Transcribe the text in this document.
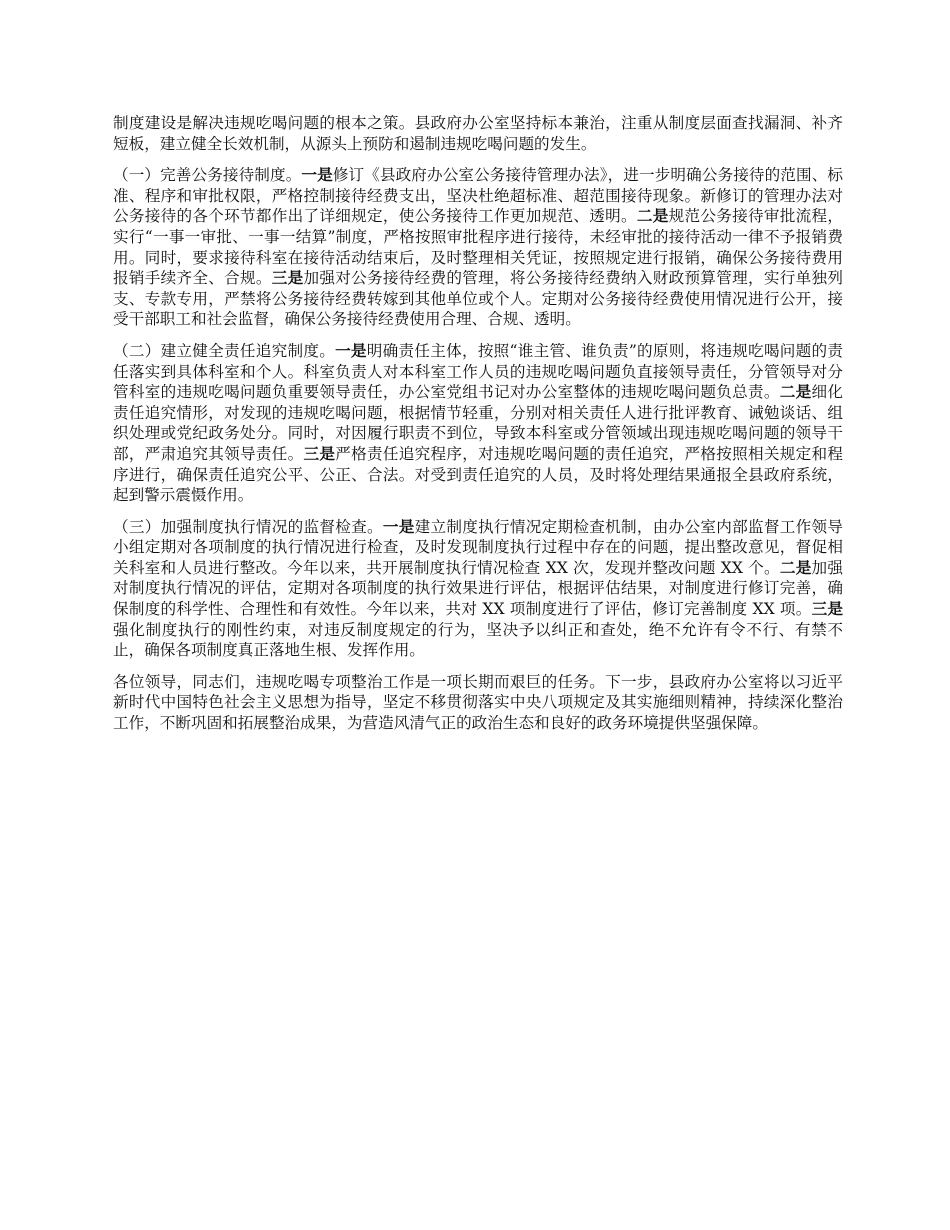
制度建设是解决违规吃喝问题的根本之策。县政府办公室坚持标本兼治，注重从制度层面查找漏洞、补齐短板，建立健全长效机制，从源头上预防和遏制违规吃喝问题的发生。

（一）完善公务接待制度。一是修订《县政府办公室公务接待管理办法》，进一步明确公务接待的范围、标准、程序和审批权限，严格控制接待经费支出，坚决杜绝超标准、超范围接待现象。新修订的管理办法对公务接待的各个环节都作出了详细规定，使公务接待工作更加规范、透明。二是规范公务接待审批流程，实行“一事一审批、一事一结算”制度，严格按照审批程序进行接待，未经审批的接待活动一律不予报销费用。同时，要求接待科室在接待活动结束后，及时整理相关凭证，按照规定进行报销，确保公务接待费用报销手续齐全、合规。三是加强对公务接待经费的管理，将公务接待经费纳入财政预算管理，实行单独列支、专款专用，严禁将公务接待经费转嫁到其他单位或个人。定期对公务接待经费使用情况进行公开，接受干部职工和社会监督，确保公务接待经费使用合理、合规、透明。

（二）建立健全责任追究制度。一是明确责任主体，按照“谁主管、谁负责”的原则，将违规吃喝问题的责任落实到具体科室和个人。科室负责人对本科室工作人员的违规吃喝问题负直接领导责任，分管领导对分管科室的违规吃喝问题负重要领导责任，办公室党组书记对办公室整体的违规吃喝问题负总责。二是细化责任追究情形，对发现的违规吃喝问题，根据情节轻重，分别对相关责任人进行批评教育、诫勉谈话、组织处理或党纪政务处分。同时，对因履行职责不到位，导致本科室或分管领域出现违规吃喝问题的领导干部，严肃追究其领导责任。三是严格责任追究程序，对违规吃喝问题的责任追究，严格按照相关规定和程序进行，确保责任追究公平、公正、合法。对受到责任追究的人员，及时将处理结果通报全县政府系统，起到警示震慑作用。

（三）加强制度执行情况的监督检查。一是建立制度执行情况定期检查机制，由办公室内部监督工作领导小组定期对各项制度的执行情况进行检查，及时发现制度执行过程中存在的问题，提出整改意见，督促相关科室和人员进行整改。今年以来，共开展制度执行情况检查 XX 次，发现并整改问题 XX 个。二是加强对制度执行情况的评估，定期对各项制度的执行效果进行评估，根据评估结果，对制度进行修订完善，确保制度的科学性、合理性和有效性。今年以来，共对 XX 项制度进行了评估，修订完善制度 XX 项。三是强化制度执行的刚性约束，对违反制度规定的行为，坚决予以纠正和查处，绝不允许有令不行、有禁不止，确保各项制度真正落地生根、发挥作用。

各位领导，同志们，违规吃喝专项整治工作是一项长期而艰巨的任务。下一步，县政府办公室将以习近平新时代中国特色社会主义思想为指导，坚定不移贯彻落实中央八项规定及其实施细则精神，持续深化整治工作，不断巩固和拓展整治成果，为营造风清气正的政治生态和良好的政务环境提供坚强保障。
